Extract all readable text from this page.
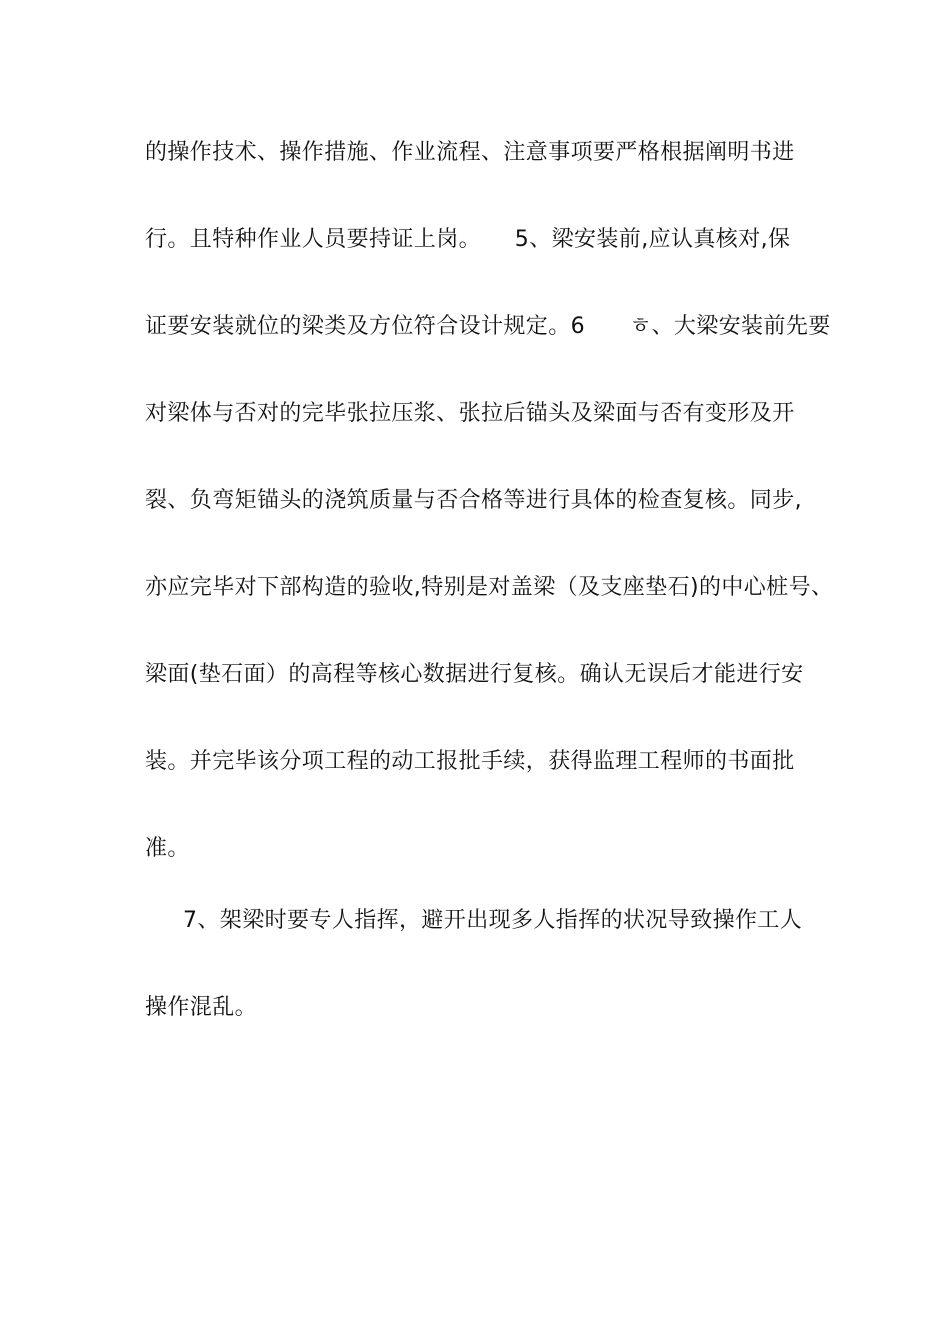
的操作技术、操作措施、作业流程、注意事项要严格根据阐明书进
行。且特种作业人员要持证上岗。　　5、梁安装前,应认真核对,保
证要安装就位的梁类及方位符合设计规定。6　　ㅎ、大梁安装前先要
对梁体与否对的完毕张拉压浆、张拉后锚头及梁面与否有变形及开
裂、负弯矩锚头的浇筑质量与否合格等进行具体的检查复核。同步,
亦应完毕对下部构造的验收,特别是对盖梁（及支座垫石)的中心桩号、
梁面(垫石面）的高程等核心数据进行复核。确认无误后才能进行安
装。并完毕该分项工程的动工报批手续，获得监理工程师的书面批
准。
7、架梁时要专人指挥，避开出现多人指挥的状况导致操作工人
操作混乱。
